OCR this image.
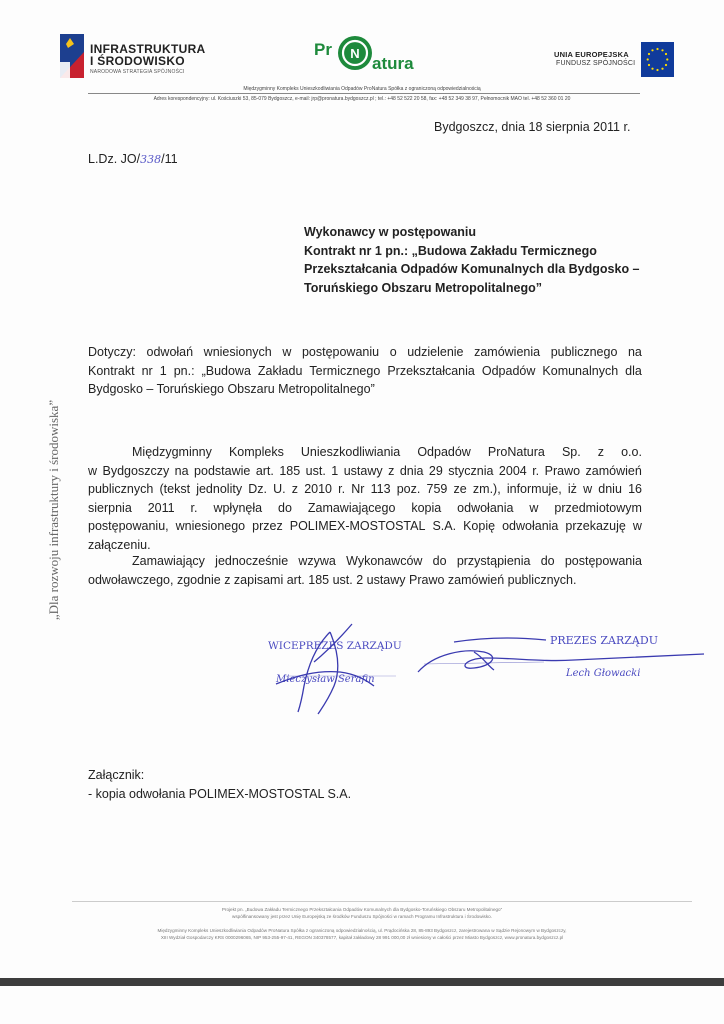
INFRASTRUKTURA
I ŚRODOWISKO
NARODOWA STRATEGIA SPÓJNOŚCI
Pr N
atura	UNIA EUROPEJSKA
FUNDUSZ SPÓJNOŚCI
Międzygminny Kompleks Unieszkodliwiania Odpadów ProNatura Spółka z ograniczoną odpowiedzialnością
Adres korespondencyjny: ul. Kościuszki 53, 85-079 Bydgoszcz, e-mail: jrp@pronatura.bydgoszcz.pl ; tel.: +48 52 522 20 58, fax: +48 52 349 38 97, Pełnomocnik MAO tel. +48 52 360 01 20
Bydgoszcz, dnia 18 sierpnia 2011 r.
L.Dz. JO/338/11
Wykonawcy w postępowaniu
Kontrakt nr 1 pn.: „Budowa Zakładu Termicznego
Przekształcania Odpadów Komunalnych dla Bydgosko –
Toruńskiego Obszaru Metropolitalnego”
Dotyczy: odwołań wniesionych w postępowaniu o udzielenie zamówienia publicznego na
Kontrakt nr 1 pn.: „Budowa Zakładu Termicznego Przekształcania Odpadów Komunalnych dla
Bydgosko – Toruńskiego Obszaru Metropolitalnego”
Międzygminny Kompleks Unieszkodliwiania Odpadów ProNatura Sp. z o.o.
w Bydgoszczy na podstawie art. 185 ust. 1 ustawy z dnia 29 stycznia 2004 r. Prawo zamówień
publicznych (tekst jednolity Dz. U. z 2010 r. Nr 113 poz. 759 ze zm.), informuje, iż w dniu 16
sierpnia 2011 r. wpłynęła do Zamawiającego kopia odwołania w przedmiotowym
postępowaniu, wniesionego przez POLIMEX-MOSTOSTAL S.A. Kopię odwołania przekazuję w
załączeniu.
Zamawiający jednocześnie wzywa Wykonawców do przystąpienia do postępowania
odwoławczego, zgodnie z zapisami art. 185 ust. 2 ustawy Prawo zamówień publicznych.
WICEPREZES ZARZĄDU
Mieczysław Serafin
PREZES ZARZĄDU
Lech Głowacki
Załącznik:
- kopia odwołania POLIMEX-MOSTOSTAL S.A.
„Dla rozwoju infrastruktury i środowiska”
Projekt pn. „Budowa Zakładu Termicznego Przekształcania Odpadów Komunalnych dla Bydgosko-Toruńskiego Obszaru Metropolitalnego”
współfinansowany jest przez Unię Europejską ze środków Funduszu Spójności w ramach Programu Infrastruktura i Środowisko.
Międzygminny Kompleks Unieszkodliwiania Odpadów ProNatura Spółka z ograniczoną odpowiedzialnością, ul. Prądocińska 28, 85-893 Bydgoszcz, zarejestrowana w Sądzie Rejonowym w Bydgoszczy,
XIII Wydział Gospodarczy KRS 0000296065, NIP 953-255-97-41, REGON 340378577, kapitał zakładowy 28 991 000,00 zł wniesiony w całości przez Miasto Bydgoszcz, www.pronatura.bydgoszcz.pl
